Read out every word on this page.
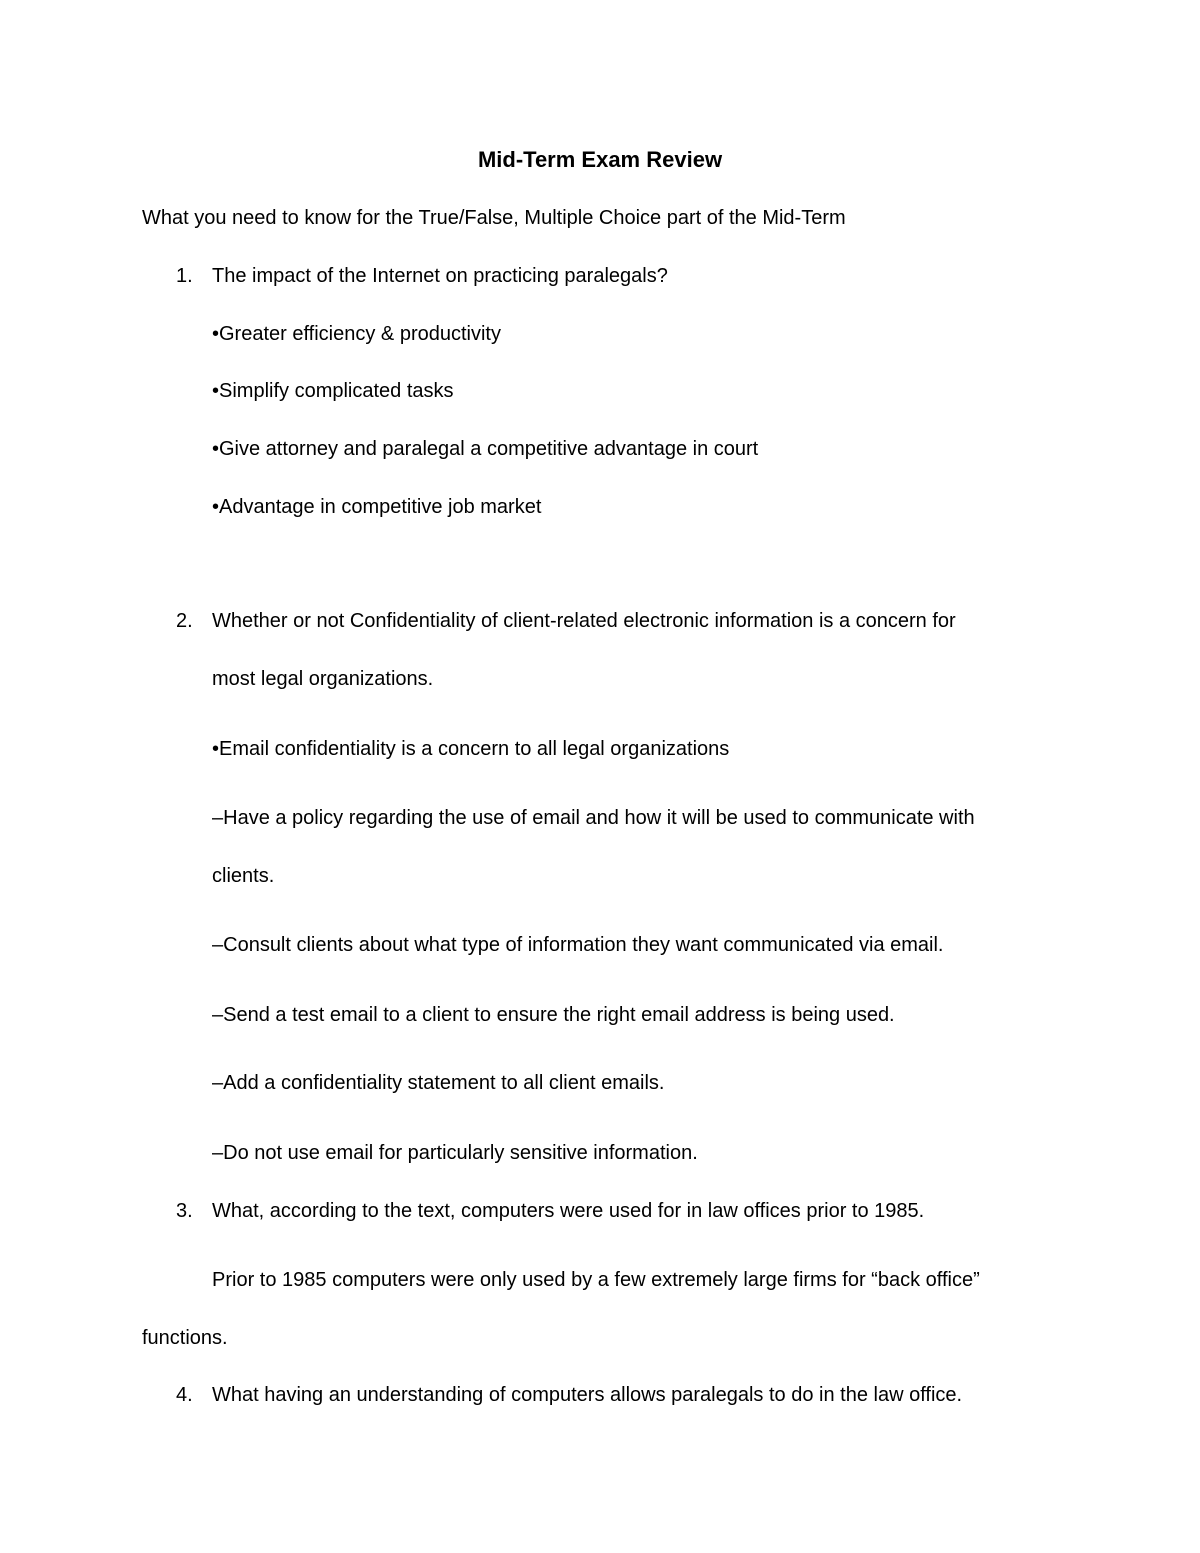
Mid-Term Exam Review
What you need to know for the True/False, Multiple Choice part of the Mid-Term
1. The impact of the Internet on practicing paralegals?
•Greater efficiency & productivity
•Simplify complicated tasks
•Give attorney and paralegal a competitive advantage in court
•Advantage in competitive job market
2. Whether or not Confidentiality of client-related electronic information is a concern for
most legal organizations.
•Email confidentiality is a concern to all legal organizations
–Have a policy regarding the use of email and how it will be used to communicate with
clients.
–Consult clients about what type of information they want communicated via email.
–Send a test email to a client to ensure the right email address is being used.
–Add a confidentiality statement to all client emails.
–Do not use email for particularly sensitive information.
3. What, according to the text, computers were used for in law offices prior to 1985.
Prior to 1985 computers were only used by a few extremely large firms for “back office”
functions.
4. What having an understanding of computers allows paralegals to do in the law office.
